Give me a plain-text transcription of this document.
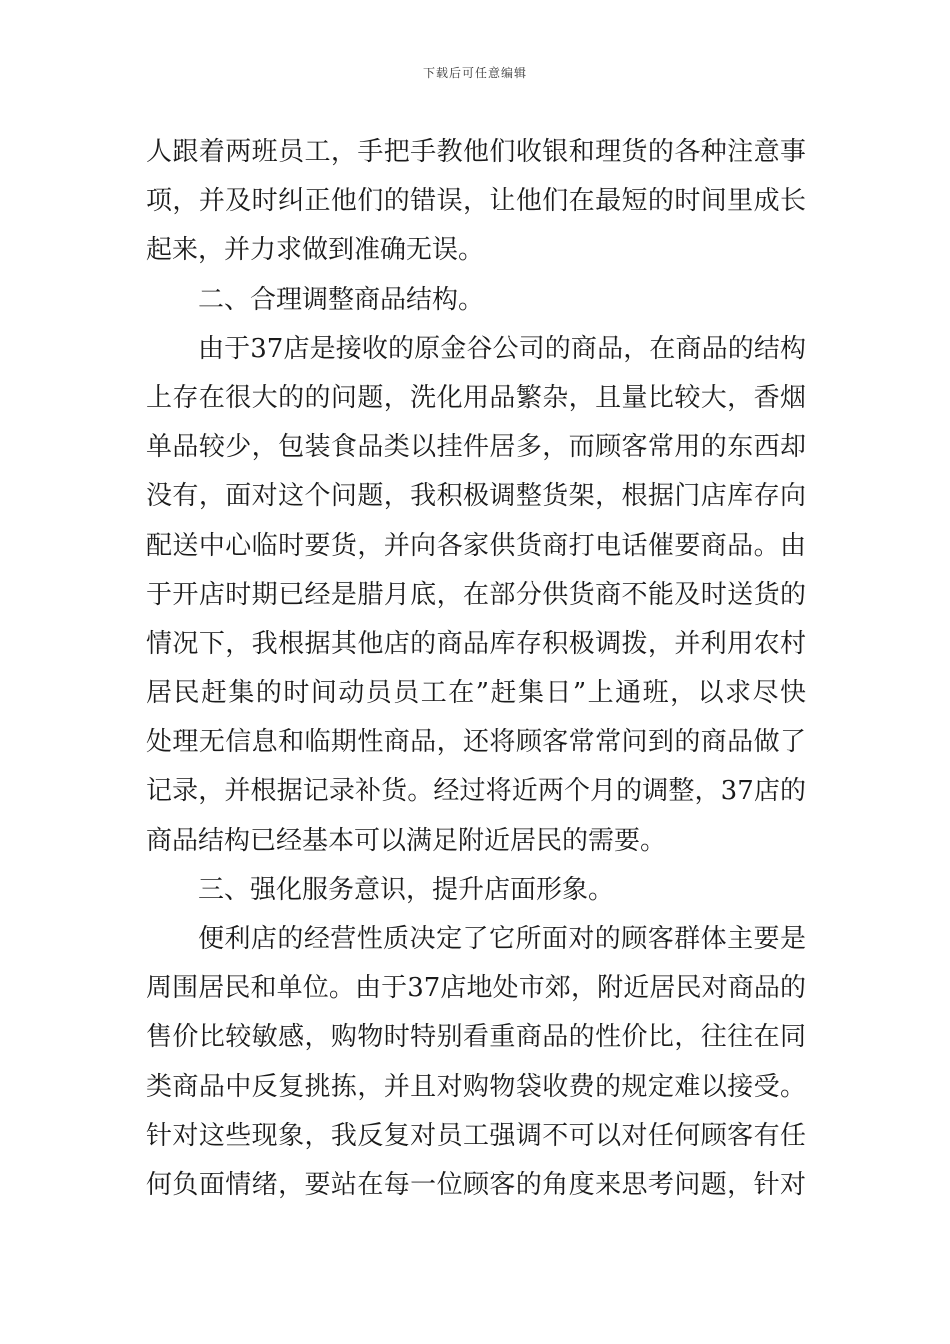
下载后可任意编辑
人跟着两班员工，手把手教他们收银和理货的各种注意事
项，并及时纠正他们的错误，让他们在最短的时间里成长
起来，并力求做到准确无误。
二、合理调整商品结构。
由于37店是接收的原金谷公司的商品，在商品的结构
上存在很大的的问题，洗化用品繁杂，且量比较大，香烟
单品较少，包装食品类以挂件居多，而顾客常用的东西却
没有，面对这个问题，我积极调整货架，根据门店库存向
配送中心临时要货，并向各家供货商打电话催要商品。由
于开店时期已经是腊月底，在部分供货商不能及时送货的
情况下，我根据其他店的商品库存积极调拨，并利用农村
居民赶集的时间动员员工在”赶集日”上通班，以求尽快
处理无信息和临期性商品，还将顾客常常问到的商品做了
记录，并根据记录补货。经过将近两个月的调整，37店的
商品结构已经基本可以满足附近居民的需要。
三、强化服务意识，提升店面形象。
便利店的经营性质决定了它所面对的顾客群体主要是
周围居民和单位。由于37店地处市郊，附近居民对商品的
售价比较敏感，购物时特别看重商品的性价比，往往在同
类商品中反复挑拣，并且对购物袋收费的规定难以接受。
针对这些现象，我反复对员工强调不可以对任何顾客有任
何负面情绪，要站在每一位顾客的角度来思考问题，针对
